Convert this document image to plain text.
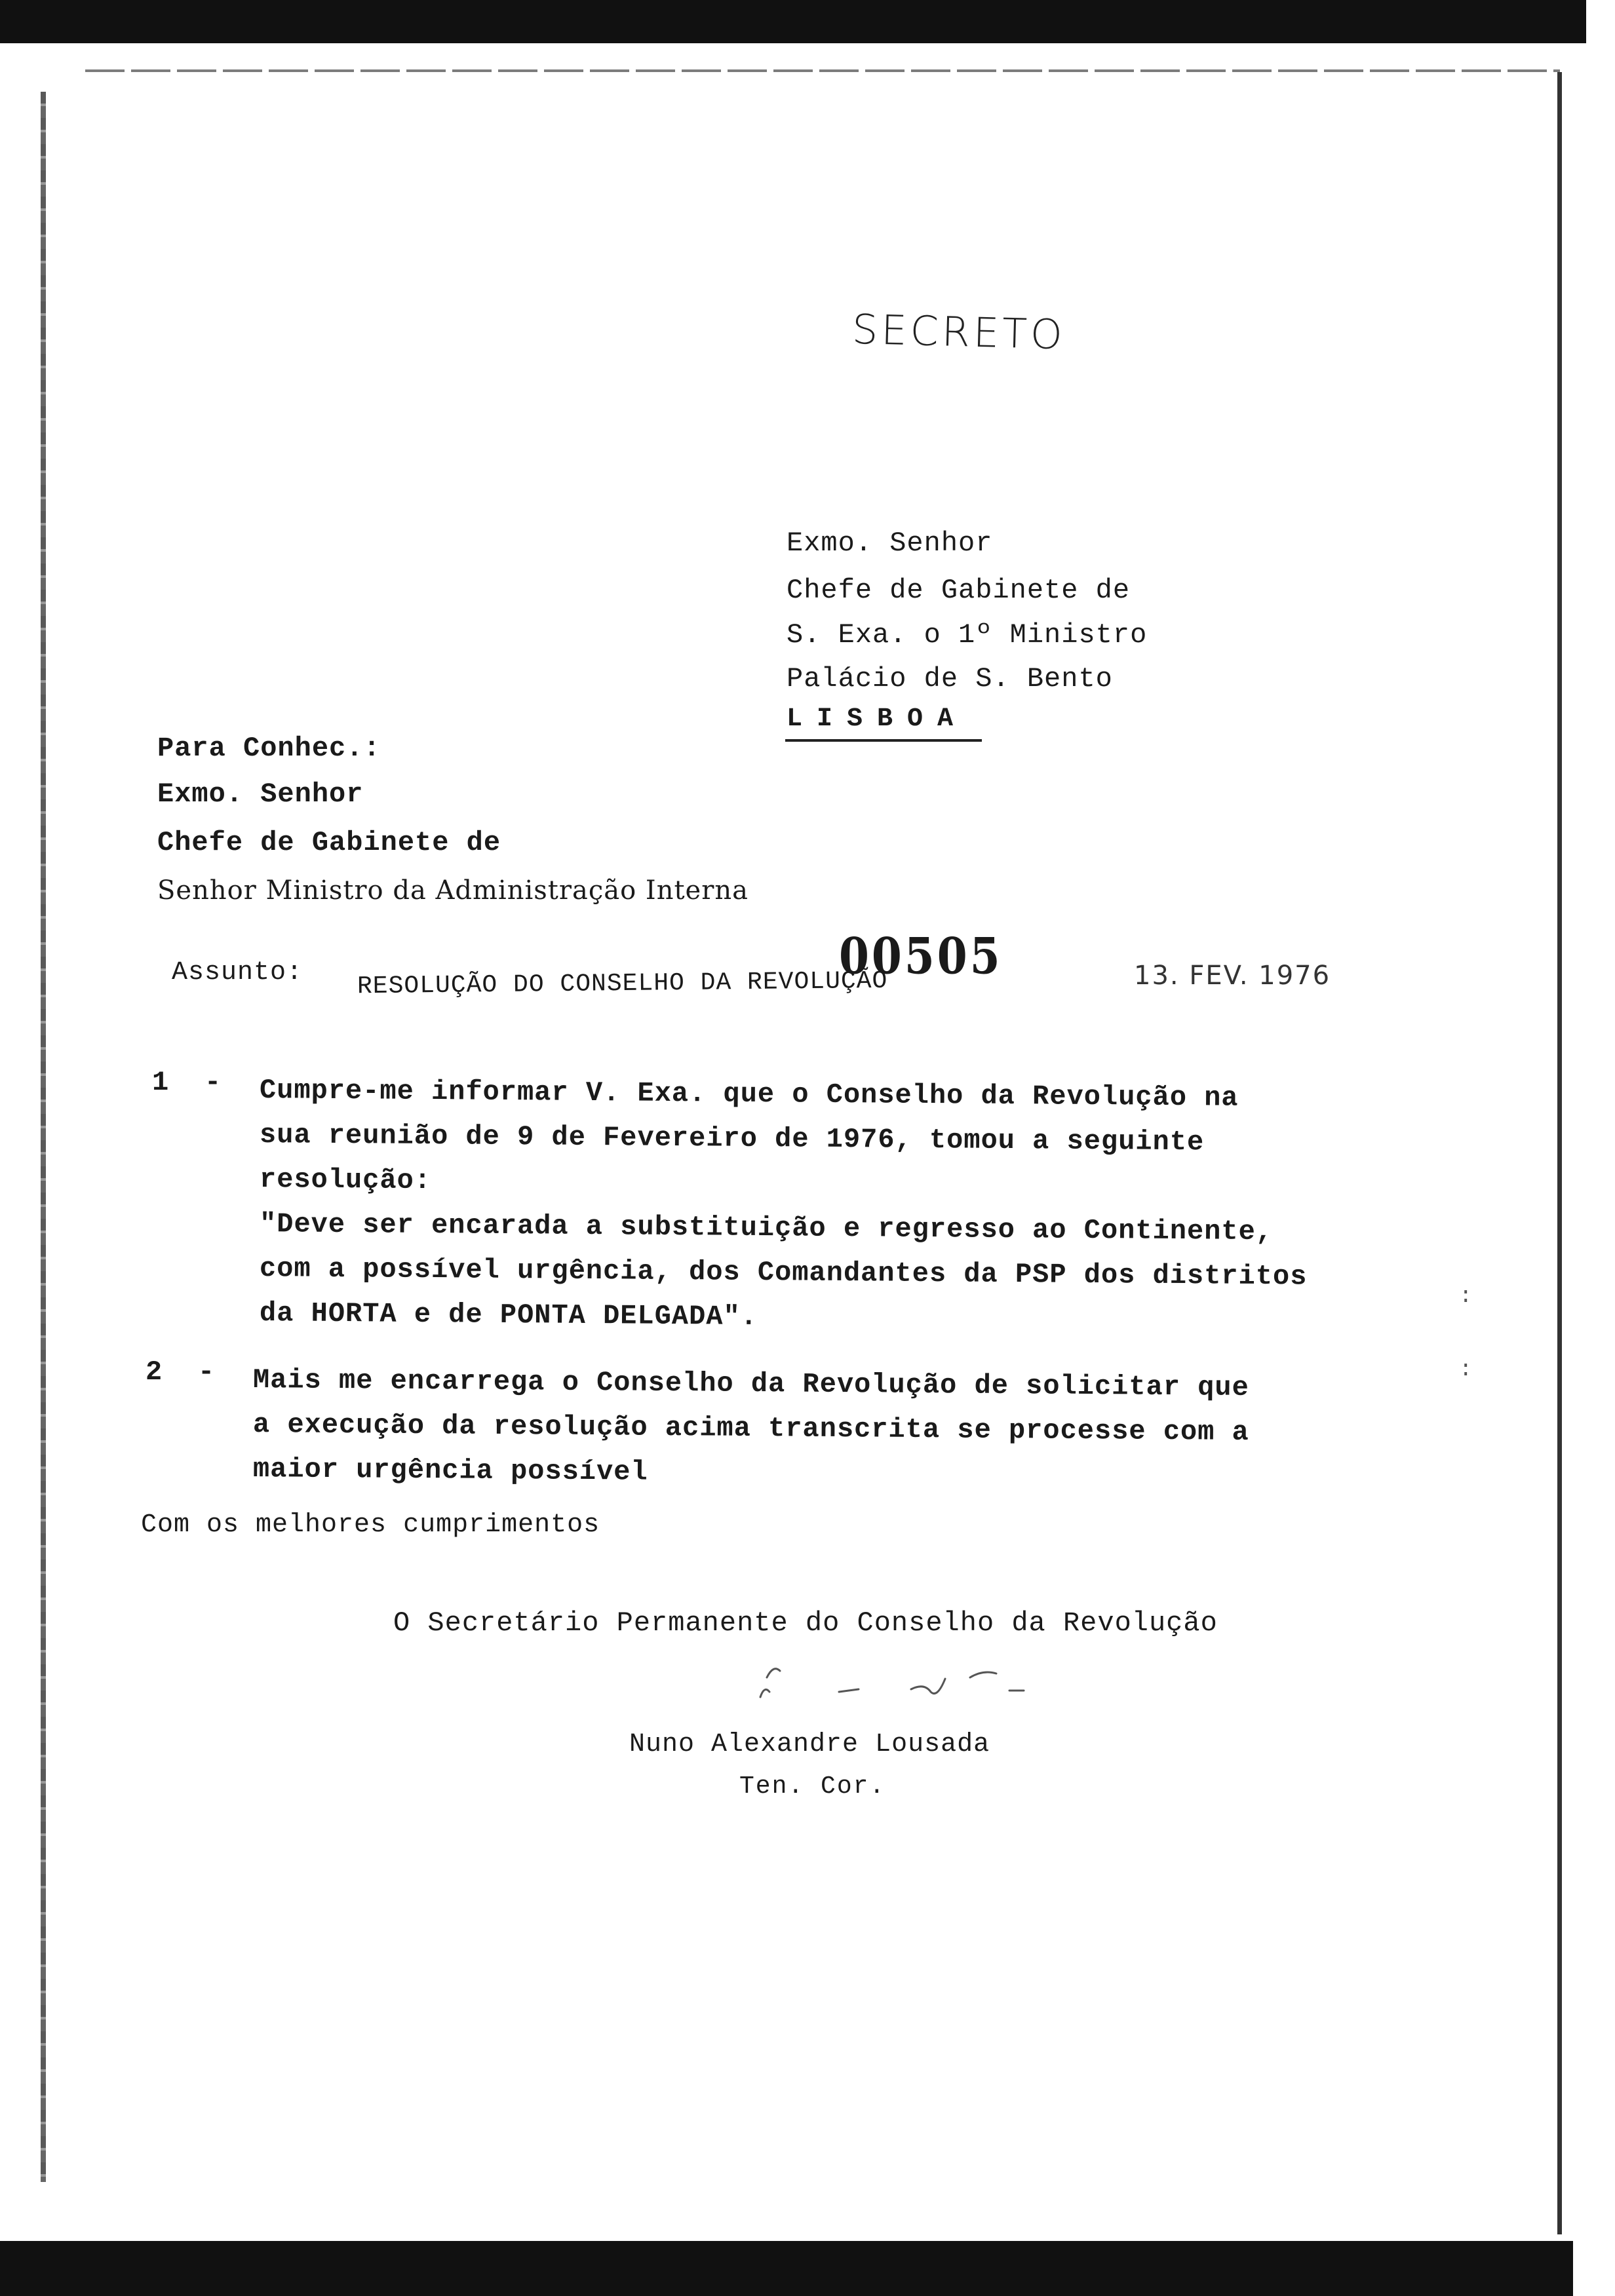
SECRETO
Exmo. Senhor
Chefe de Gabinete de
S. Exa. o 1º Ministro
Palácio de S. Bento
LISBOA
Para Conhec.:
Exmo. Senhor
Chefe de Gabinete de
Senhor Ministro da Administração Interna
00505	13. FEV. 1976
Assunto: RESOLUÇÃO DO CONSELHO DA REVOLUÇÃO
1 - Cumpre-me informar V. Exa. que o Conselho da Revolução na
sua reunião de 9 de Fevereiro de 1976, tomou a seguinte
resolução:
"Deve ser encarada a substituição e regresso ao Continente,
com a possível urgência, dos Comandantes da PSP dos distritos
da HORTA e de PONTA DELGADA".
2 - Mais me encarrega o Conselho da Revolução de solicitar que
a execução da resolução acima transcrita se processe com a
maior urgência possível
:
:
Com os melhores cumprimentos
O Secretário Permanente do Conselho da Revolução
Nuno Alexandre Lousada
Ten. Cor.
